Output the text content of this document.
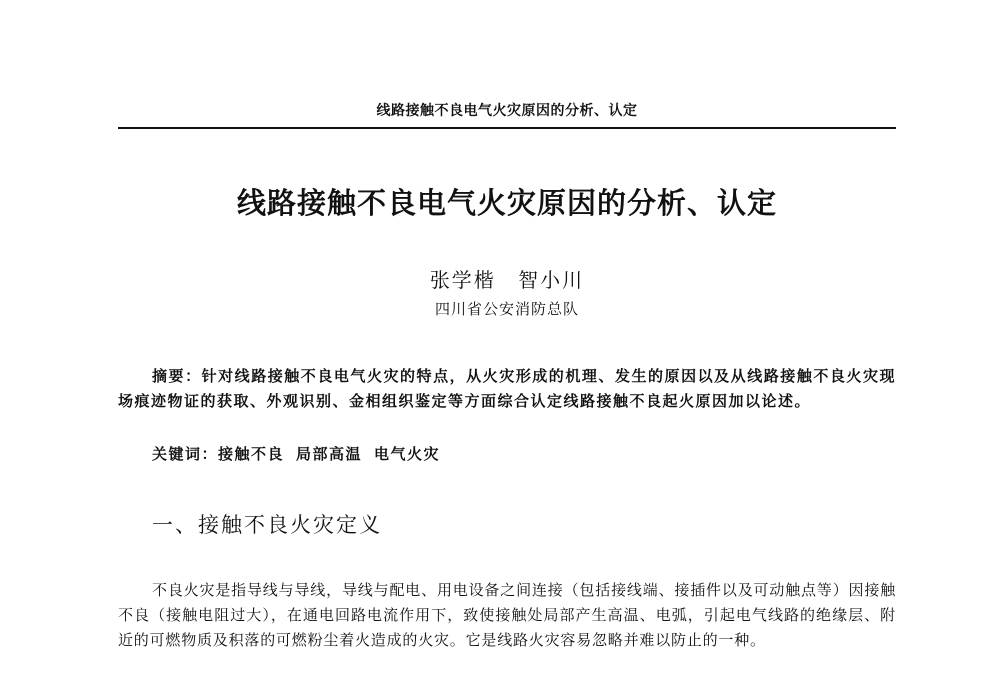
线路接触不良电气火灾原因的分析、认定
线路接触不良电气火灾原因的分析、认定
张学楷 智小川
四川省公安消防总队
摘要：针对线路接触不良电气火灾的特点，从火灾形成的机理、发生的原因以及从线路接触不良火灾现场痕迹物证的获取、外观识别、金相组织鉴定等方面综合认定线路接触不良起火原因加以论述。
关键词：接触不良 局部高温 电气火灾
一、接触不良火灾定义
不良火灾是指导线与导线，导线与配电、用电设备之间连接（包括接线端、接插件以及可动触点等）因接触不良（接触电阻过大），在通电回路电流作用下，致使接触处局部产生高温、电弧，引起电气线路的绝缘层、附近的可燃物质及积落的可燃粉尘着火造成的火灾。它是线路火灾容易忽略并难以防止的一种。
